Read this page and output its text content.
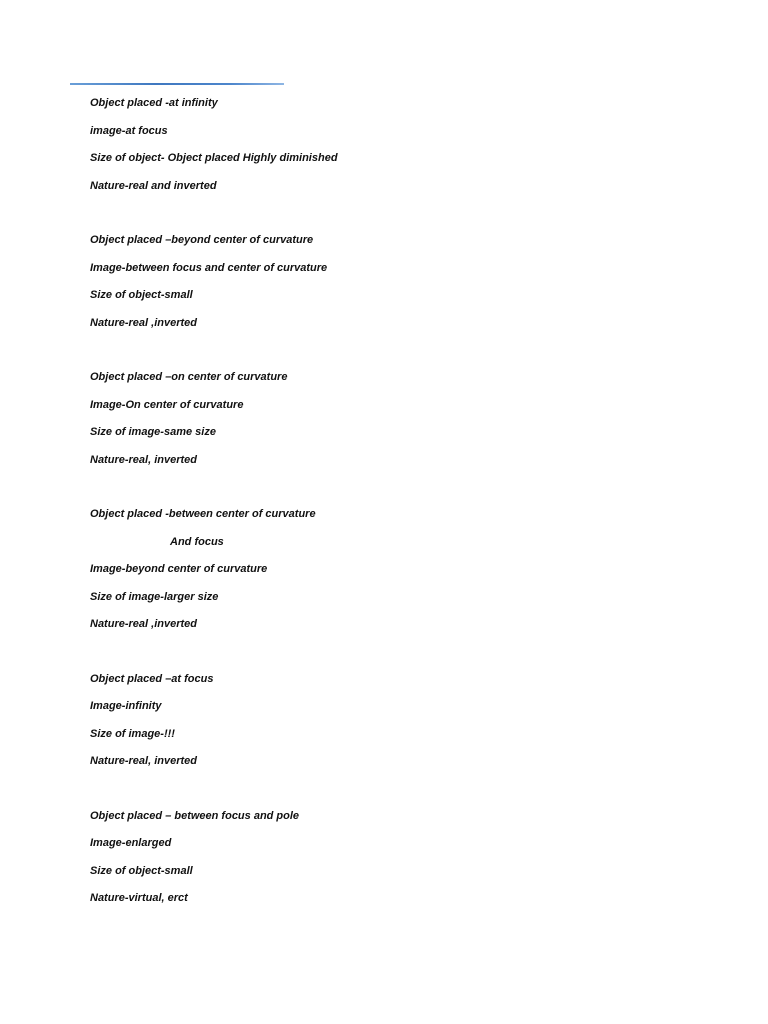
Object placed -at infinity
image-at focus
Size of object- Object placed Highly diminished
Nature-real and inverted
Object placed –beyond center of curvature
Image-between focus and center of curvature
Size of object-small
Nature-real ,inverted
Object placed –on center of curvature
Image-On center of curvature
Size of image-same size
Nature-real, inverted
Object placed -between center of curvature
And focus
Image-beyond center of curvature
Size of image-larger size
Nature-real ,inverted
Object placed –at focus
Image-infinity
Size of image-!!!
Nature-real, inverted
Object placed – between focus and pole
Image-enlarged
Size of object-small
Nature-virtual, erct
